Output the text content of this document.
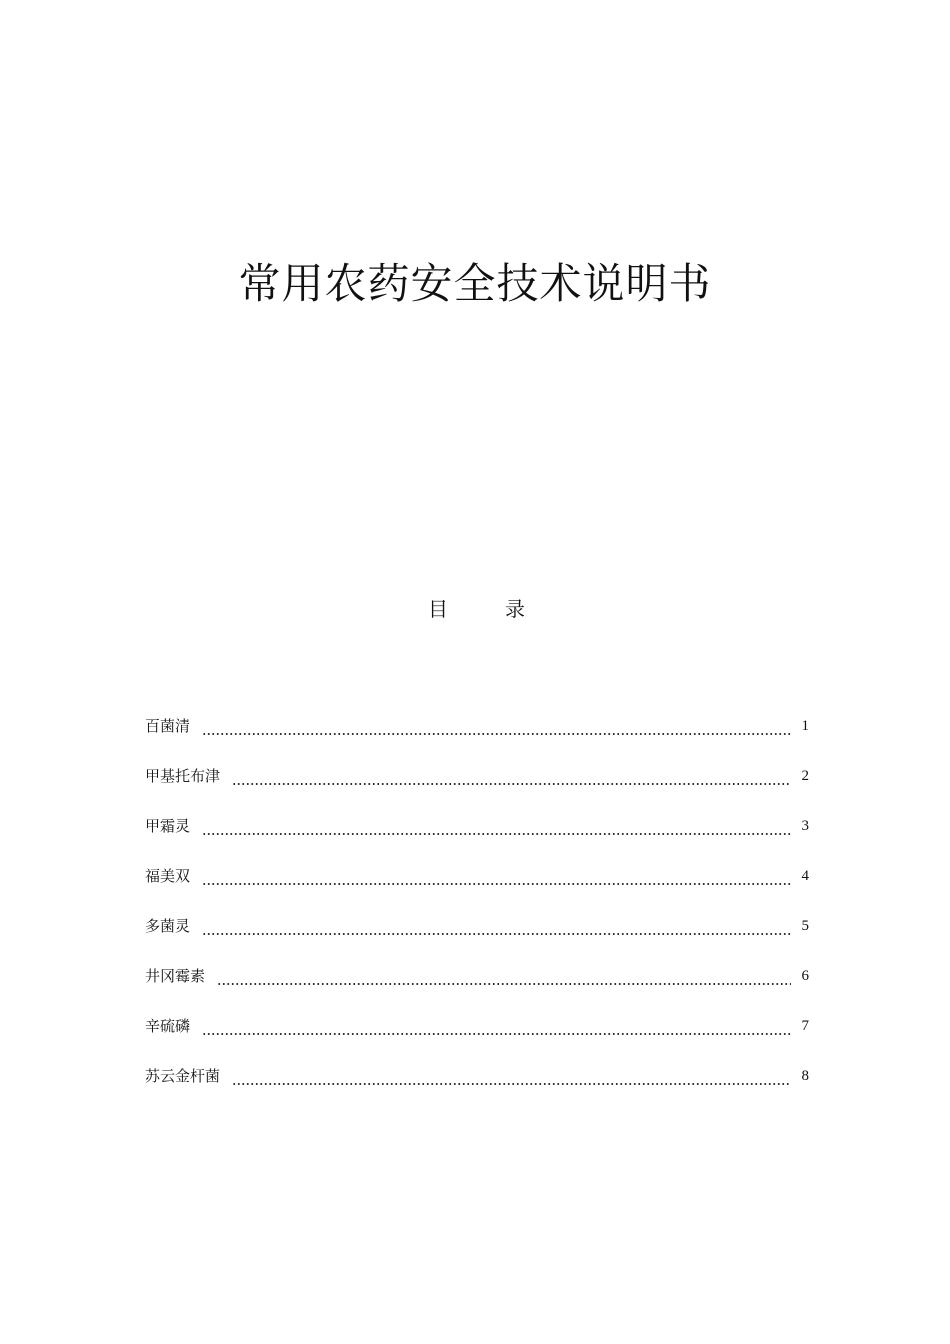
常用农药安全技术说明书
目	录
百菌清	1
甲基托布津	2
甲霜灵	3
福美双	4
多菌灵	5
井冈霉素	6
辛硫磷	7
苏云金杆菌	8
